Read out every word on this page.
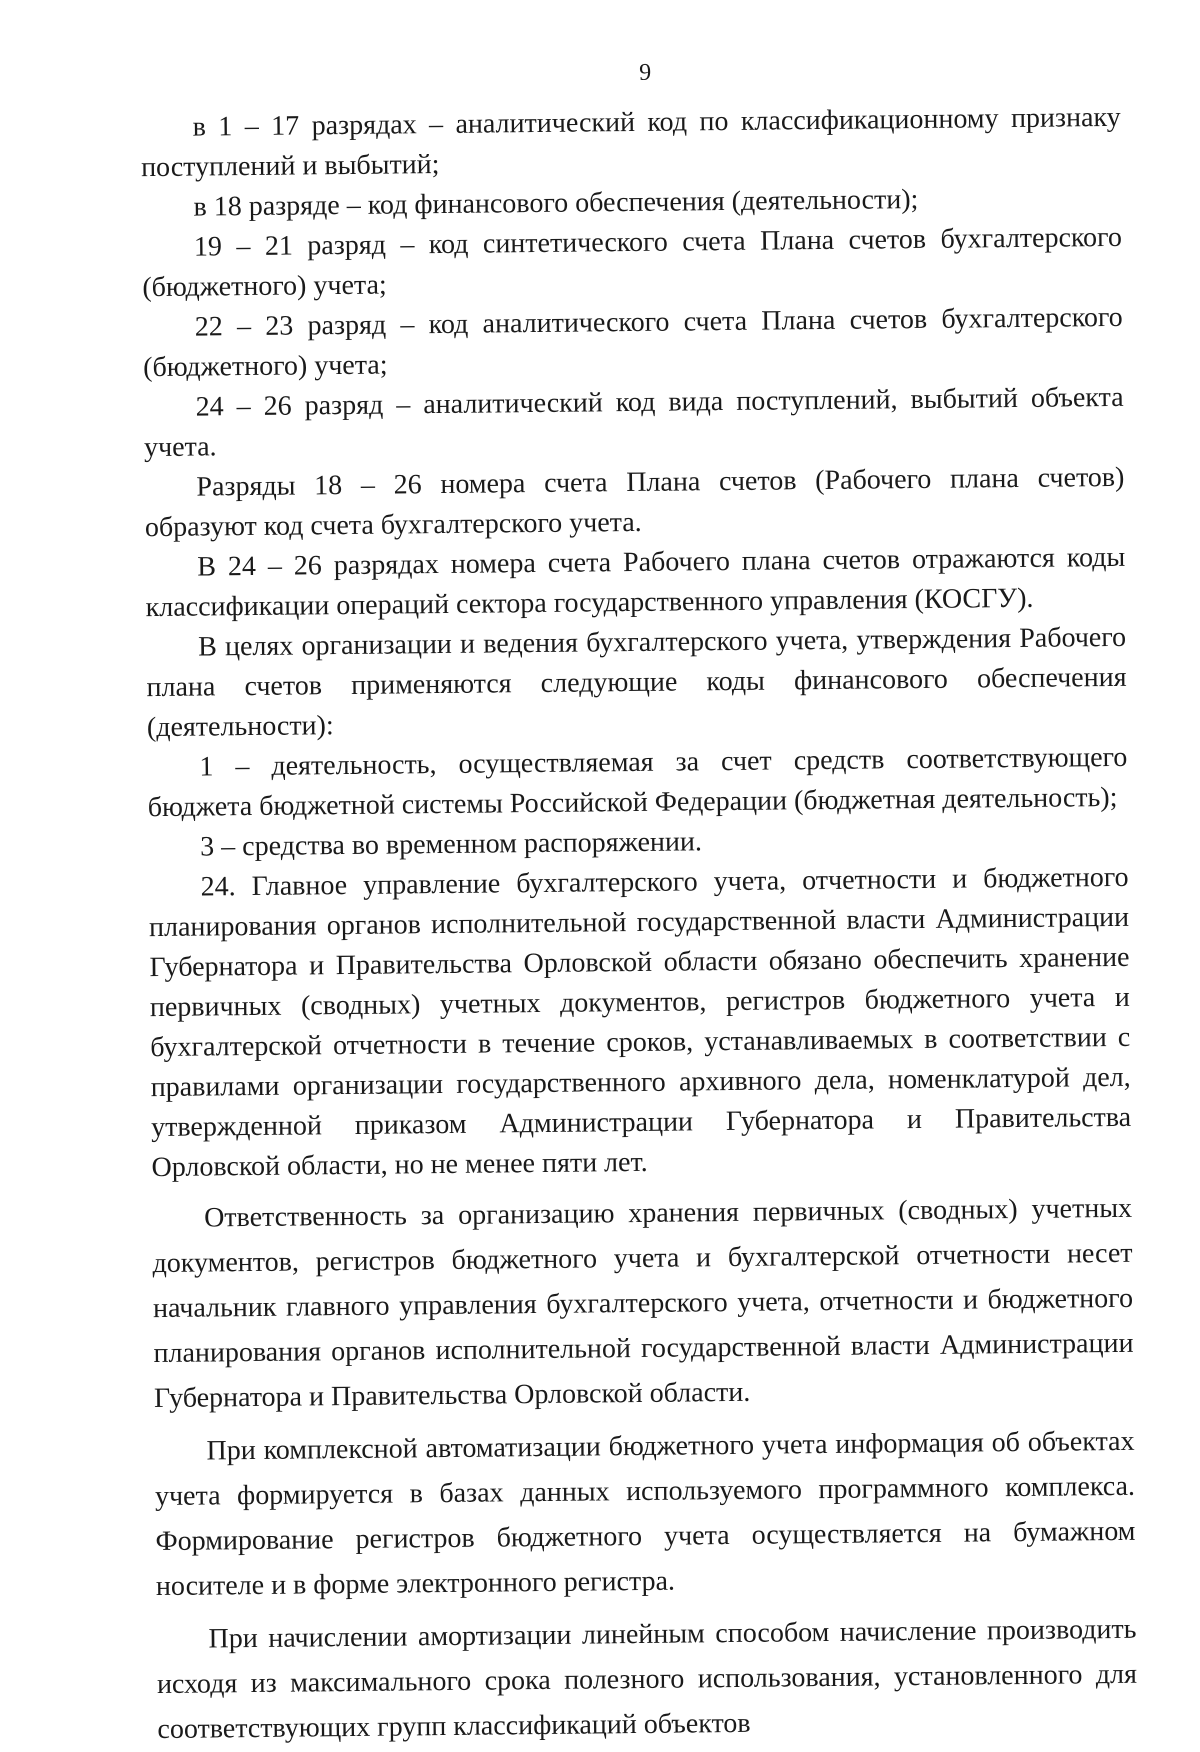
9

в 1 – 17 разрядах – аналитический код по классификационному признаку поступлений и выбытий;

в 18 разряде – код финансового обеспечения (деятельности);

19 – 21 разряд – код синтетического счета Плана счетов бухгалтерского (бюджетного) учета;

22 – 23 разряд – код аналитического счета Плана счетов бухгалтерского (бюджетного) учета;

24 – 26 разряд – аналитический код вида поступлений, выбытий объекта учета.

Разряды 18 – 26 номера счета Плана счетов (Рабочего плана счетов) образуют код счета бухгалтерского учета.

В 24 – 26 разрядах номера счета Рабочего плана счетов отражаются коды классификации операций сектора государственного управления (КОСГУ).

В целях организации и ведения бухгалтерского учета, утверждения Рабочего плана счетов применяются следующие коды финансового обеспечения (деятельности):

1 – деятельность, осуществляемая за счет средств соответствующего бюджета бюджетной системы Российской Федерации (бюджетная деятельность);

3 – средства во временном распоряжении.

24. Главное управление бухгалтерского учета, отчетности и бюджетного планирования органов исполнительной государственной власти Администрации Губернатора и Правительства Орловской области обязано обеспечить хранение первичных (сводных) учетных документов, регистров бюджетного учета и бухгалтерской отчетности в течение сроков, устанавливаемых в соответствии с правилами организации государственного архивного дела, номенклатурой дел, утвержденной приказом Администрации Губернатора и Правительства Орловской области, но не менее пяти лет.

Ответственность за организацию хранения первичных (сводных) учетных документов, регистров бюджетного учета и бухгалтерской отчетности несет начальник главного управления бухгалтерского учета, отчетности и бюджетного планирования органов исполнительной государственной власти Администрации Губернатора и Правительства Орловской области.

При комплексной автоматизации бюджетного учета информация об объектах учета формируется в базах данных используемого программного комплекса. Формирование регистров бюджетного учета осуществляется на бумажном носителе и в форме электронного регистра.

При начислении амортизации линейным способом начисление производить исходя из максимального срока полезного использования, установленного для соответствующих групп классификаций объектов
